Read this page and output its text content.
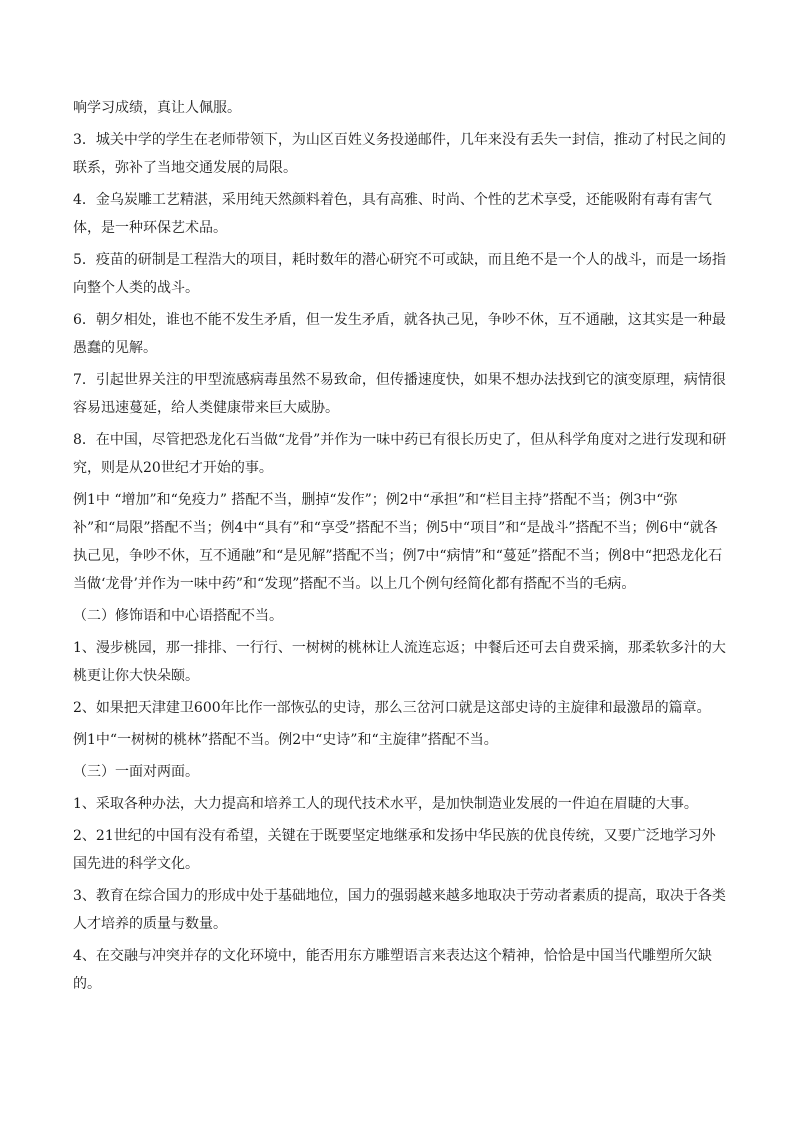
响学习成绩，真让人佩服。

3．城关中学的学生在老师带领下，为山区百姓义务投递邮件，几年来没有丢失一封信，推动了村民之间的联系，弥补了当地交通发展的局限。

4．金乌炭雕工艺精湛，采用纯天然颜料着色，具有高雅、时尚、个性的艺术享受，还能吸附有毒有害气体，是一种环保艺术品。

5．疫苗的研制是工程浩大的项目，耗时数年的潜心研究不可或缺，而且绝不是一个人的战斗，而是一场指向整个人类的战斗。

6．朝夕相处，谁也不能不发生矛盾，但一发生矛盾，就各执己见，争吵不休，互不通融，这其实是一种最愚蠢的见解。

7．引起世界关注的甲型流感病毒虽然不易致命，但传播速度快，如果不想办法找到它的演变原理，病情很容易迅速蔓延，给人类健康带来巨大威胁。

8．在中国，尽管把恐龙化石当做“龙骨”并作为一味中药已有很长历史了，但从科学角度对之进行发现和研究，则是从20世纪才开始的事。

例1中 “增加”和“免疫力” 搭配不当，删掉“发作”；例2中“承担”和“栏目主持”搭配不当；例3中“弥补”和“局限”搭配不当；例4中“具有”和“享受”搭配不当；例5中“项目”和“是战斗”搭配不当；例6中“就各执己见，争吵不休，互不通融”和“是见解”搭配不当；例7中“病情”和“蔓延”搭配不当；例8中“把恐龙化石当做‘龙骨’并作为一味中药”和“发现”搭配不当。以上几个例句经简化都有搭配不当的毛病。

（二）修饰语和中心语搭配不当。

1、漫步桃园，那一排排、一行行、一树树的桃林让人流连忘返；中餐后还可去自费采摘，那柔软多汁的大桃更让你大快朵颐。

2、如果把天津建卫600年比作一部恢弘的史诗，那么三岔河口就是这部史诗的主旋律和最激昂的篇章。

例1中“一树树的桃林”搭配不当。例2中“史诗”和“主旋律”搭配不当。

（三）一面对两面。

1、采取各种办法，大力提高和培养工人的现代技术水平，是加快制造业发展的一件迫在眉睫的大事。

2、21世纪的中国有没有希望，关键在于既要坚定地继承和发扬中华民族的优良传统，又要广泛地学习外国先进的科学文化。

3、教育在综合国力的形成中处于基础地位，国力的强弱越来越多地取决于劳动者素质的提高，取决于各类人才培养的质量与数量。

4、在交融与冲突并存的文化环境中，能否用东方雕塑语言来表达这个精神，恰恰是中国当代雕塑所欠缺的。
